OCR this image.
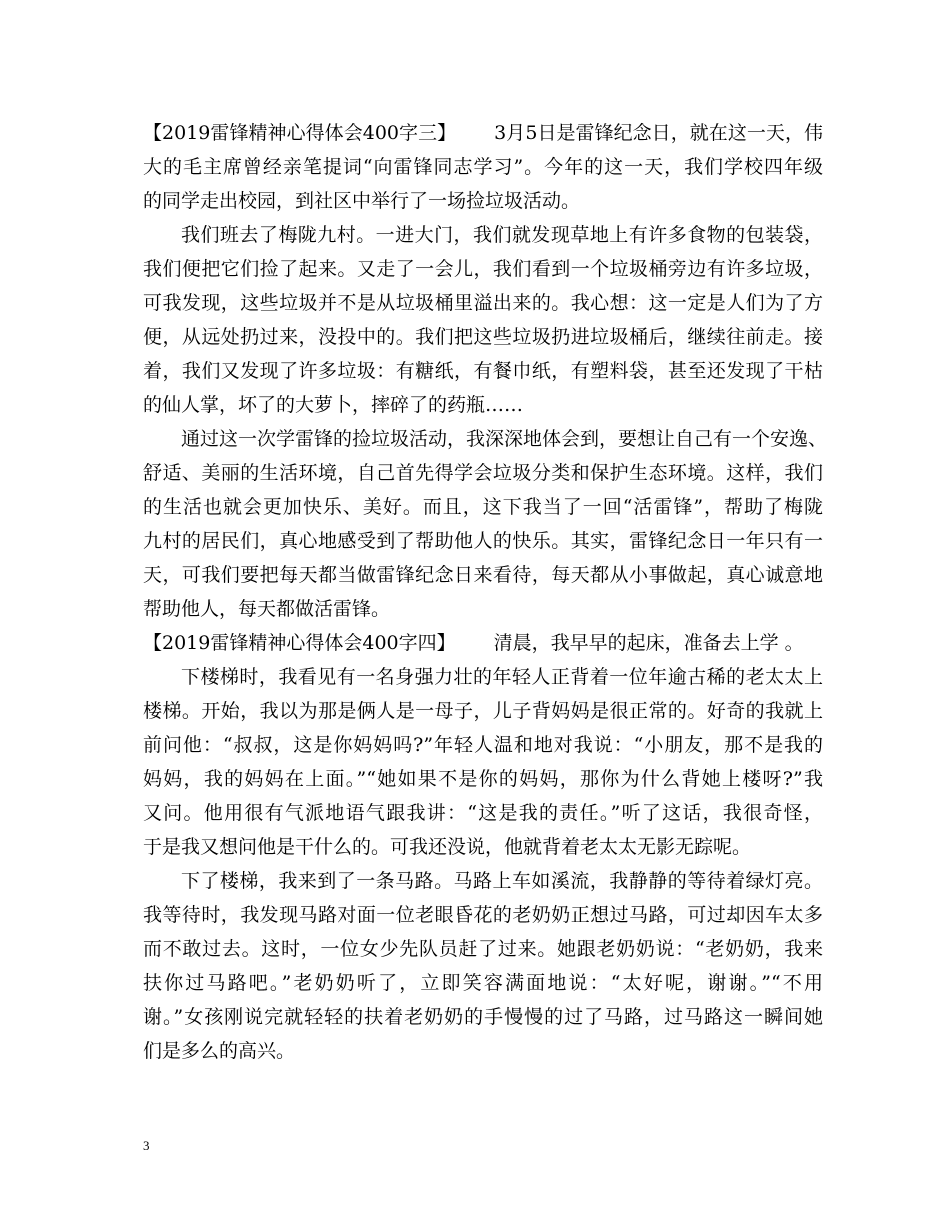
【2019雷锋精神心得体会400字三】 3月5日是雷锋纪念日，就在这一天，伟
大的毛主席曾经亲笔提词“向雷锋同志学习”。今年的这一天，我们学校四年级
的同学走出校园，到社区中举行了一场捡垃圾活动。
我们班去了梅陇九村。一进大门，我们就发现草地上有许多食物的包装袋，
我们便把它们捡了起来。又走了一会儿，我们看到一个垃圾桶旁边有许多垃圾，
可我发现，这些垃圾并不是从垃圾桶里溢出来的。我心想：这一定是人们为了方
便，从远处扔过来，没投中的。我们把这些垃圾扔进垃圾桶后，继续往前走。接
着，我们又发现了许多垃圾：有糖纸，有餐巾纸，有塑料袋，甚至还发现了干枯
的仙人掌，坏了的大萝卜，摔碎了的药瓶……
通过这一次学雷锋的捡垃圾活动，我深深地体会到，要想让自己有一个安逸、
舒适、美丽的生活环境，自己首先得学会垃圾分类和保护生态环境。这样，我们
的生活也就会更加快乐、美好。而且，这下我当了一回“活雷锋”，帮助了梅陇
九村的居民们，真心地感受到了帮助他人的快乐。其实，雷锋纪念日一年只有一
天，可我们要把每天都当做雷锋纪念日来看待，每天都从小事做起，真心诚意地
帮助他人，每天都做活雷锋。
【2019雷锋精神心得体会400字四】 清晨，我早早的起床，准备去上学 。
下楼梯时，我看见有一名身强力壮的年轻人正背着一位年逾古稀的老太太上
楼梯。开始，我以为那是俩人是一母子，儿子背妈妈是很正常的。好奇的我就上
前问他：“叔叔，这是你妈妈吗?”年轻人温和地对我说：“小朋友，那不是我的
妈妈，我的妈妈在上面。”“她如果不是你的妈妈，那你为什么背她上楼呀?”我
又问。他用很有气派地语气跟我讲：“这是我的责任。”听了这话，我很奇怪，
于是我又想问他是干什么的。可我还没说，他就背着老太太无影无踪呢。
下了楼梯，我来到了一条马路。马路上车如溪流，我静静的等待着绿灯亮。
我等待时，我发现马路对面一位老眼昏花的老奶奶正想过马路，可过却因车太多
而不敢过去。这时，一位女少先队员赶了过来。她跟老奶奶说：“老奶奶，我来
扶你过马路吧。”老奶奶听了，立即笑容满面地说：“太好呢，谢谢。”“不用
谢。”女孩刚说完就轻轻的扶着老奶奶的手慢慢的过了马路，过马路这一瞬间她
们是多么的高兴。
3
